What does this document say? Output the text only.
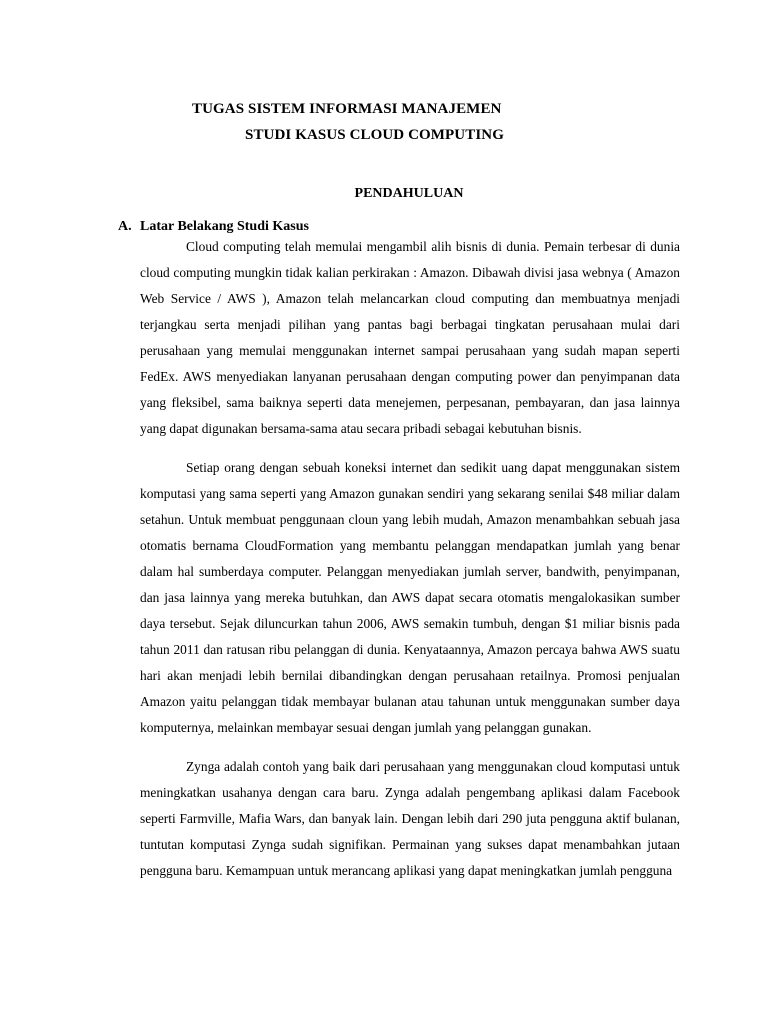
TUGAS SISTEM INFORMASI MANAJEMEN
STUDI KASUS CLOUD COMPUTING
PENDAHULUAN
A. Latar Belakang Studi Kasus

Cloud computing telah memulai mengambil alih bisnis di dunia. Pemain terbesar di dunia cloud computing mungkin tidak kalian perkirakan : Amazon. Dibawah divisi jasa webnya ( Amazon Web Service / AWS ), Amazon telah melancarkan cloud computing dan membuatnya menjadi terjangkau serta menjadi pilihan yang pantas bagi berbagai tingkatan perusahaan mulai dari perusahaan yang memulai menggunakan internet sampai perusahaan yang sudah mapan seperti FedEx. AWS menyediakan lanyanan perusahaan dengan computing power dan penyimpanan data yang fleksibel, sama baiknya seperti data menejemen, perpesanan, pembayaran, dan jasa lainnya yang dapat digunakan bersama-sama atau secara pribadi sebagai kebutuhan bisnis.

Setiap orang dengan sebuah koneksi internet dan sedikit uang dapat menggunakan sistem komputasi yang sama seperti yang Amazon gunakan sendiri yang sekarang senilai $48 miliar dalam setahun. Untuk membuat penggunaan cloun yang lebih mudah, Amazon menambahkan sebuah jasa otomatis bernama CloudFormation yang membantu pelanggan mendapatkan jumlah yang benar dalam hal sumberdaya computer. Pelanggan menyediakan jumlah server, bandwith, penyimpanan, dan jasa lainnya yang mereka butuhkan, dan AWS dapat secara otomatis mengalokasikan sumber daya tersebut. Sejak diluncurkan tahun 2006, AWS semakin tumbuh, dengan $1 miliar bisnis pada tahun 2011 dan ratusan ribu pelanggan di dunia. Kenyataannya, Amazon percaya bahwa AWS suatu hari akan menjadi lebih bernilai dibandingkan dengan perusahaan retailnya. Promosi penjualan Amazon yaitu pelanggan tidak membayar bulanan atau tahunan untuk menggunakan sumber daya komputernya, melainkan membayar sesuai dengan jumlah yang pelanggan gunakan.

Zynga adalah contoh yang baik dari perusahaan yang menggunakan cloud komputasi untuk meningkatkan usahanya dengan cara baru. Zynga adalah pengembang aplikasi dalam Facebook seperti Farmville, Mafia Wars, dan banyak lain. Dengan lebih dari 290 juta pengguna aktif bulanan, tuntutan komputasi Zynga sudah signifikan. Permainan yang sukses dapat menambahkan jutaan pengguna baru. Kemampuan untuk merancang aplikasi yang dapat meningkatkan jumlah pengguna
